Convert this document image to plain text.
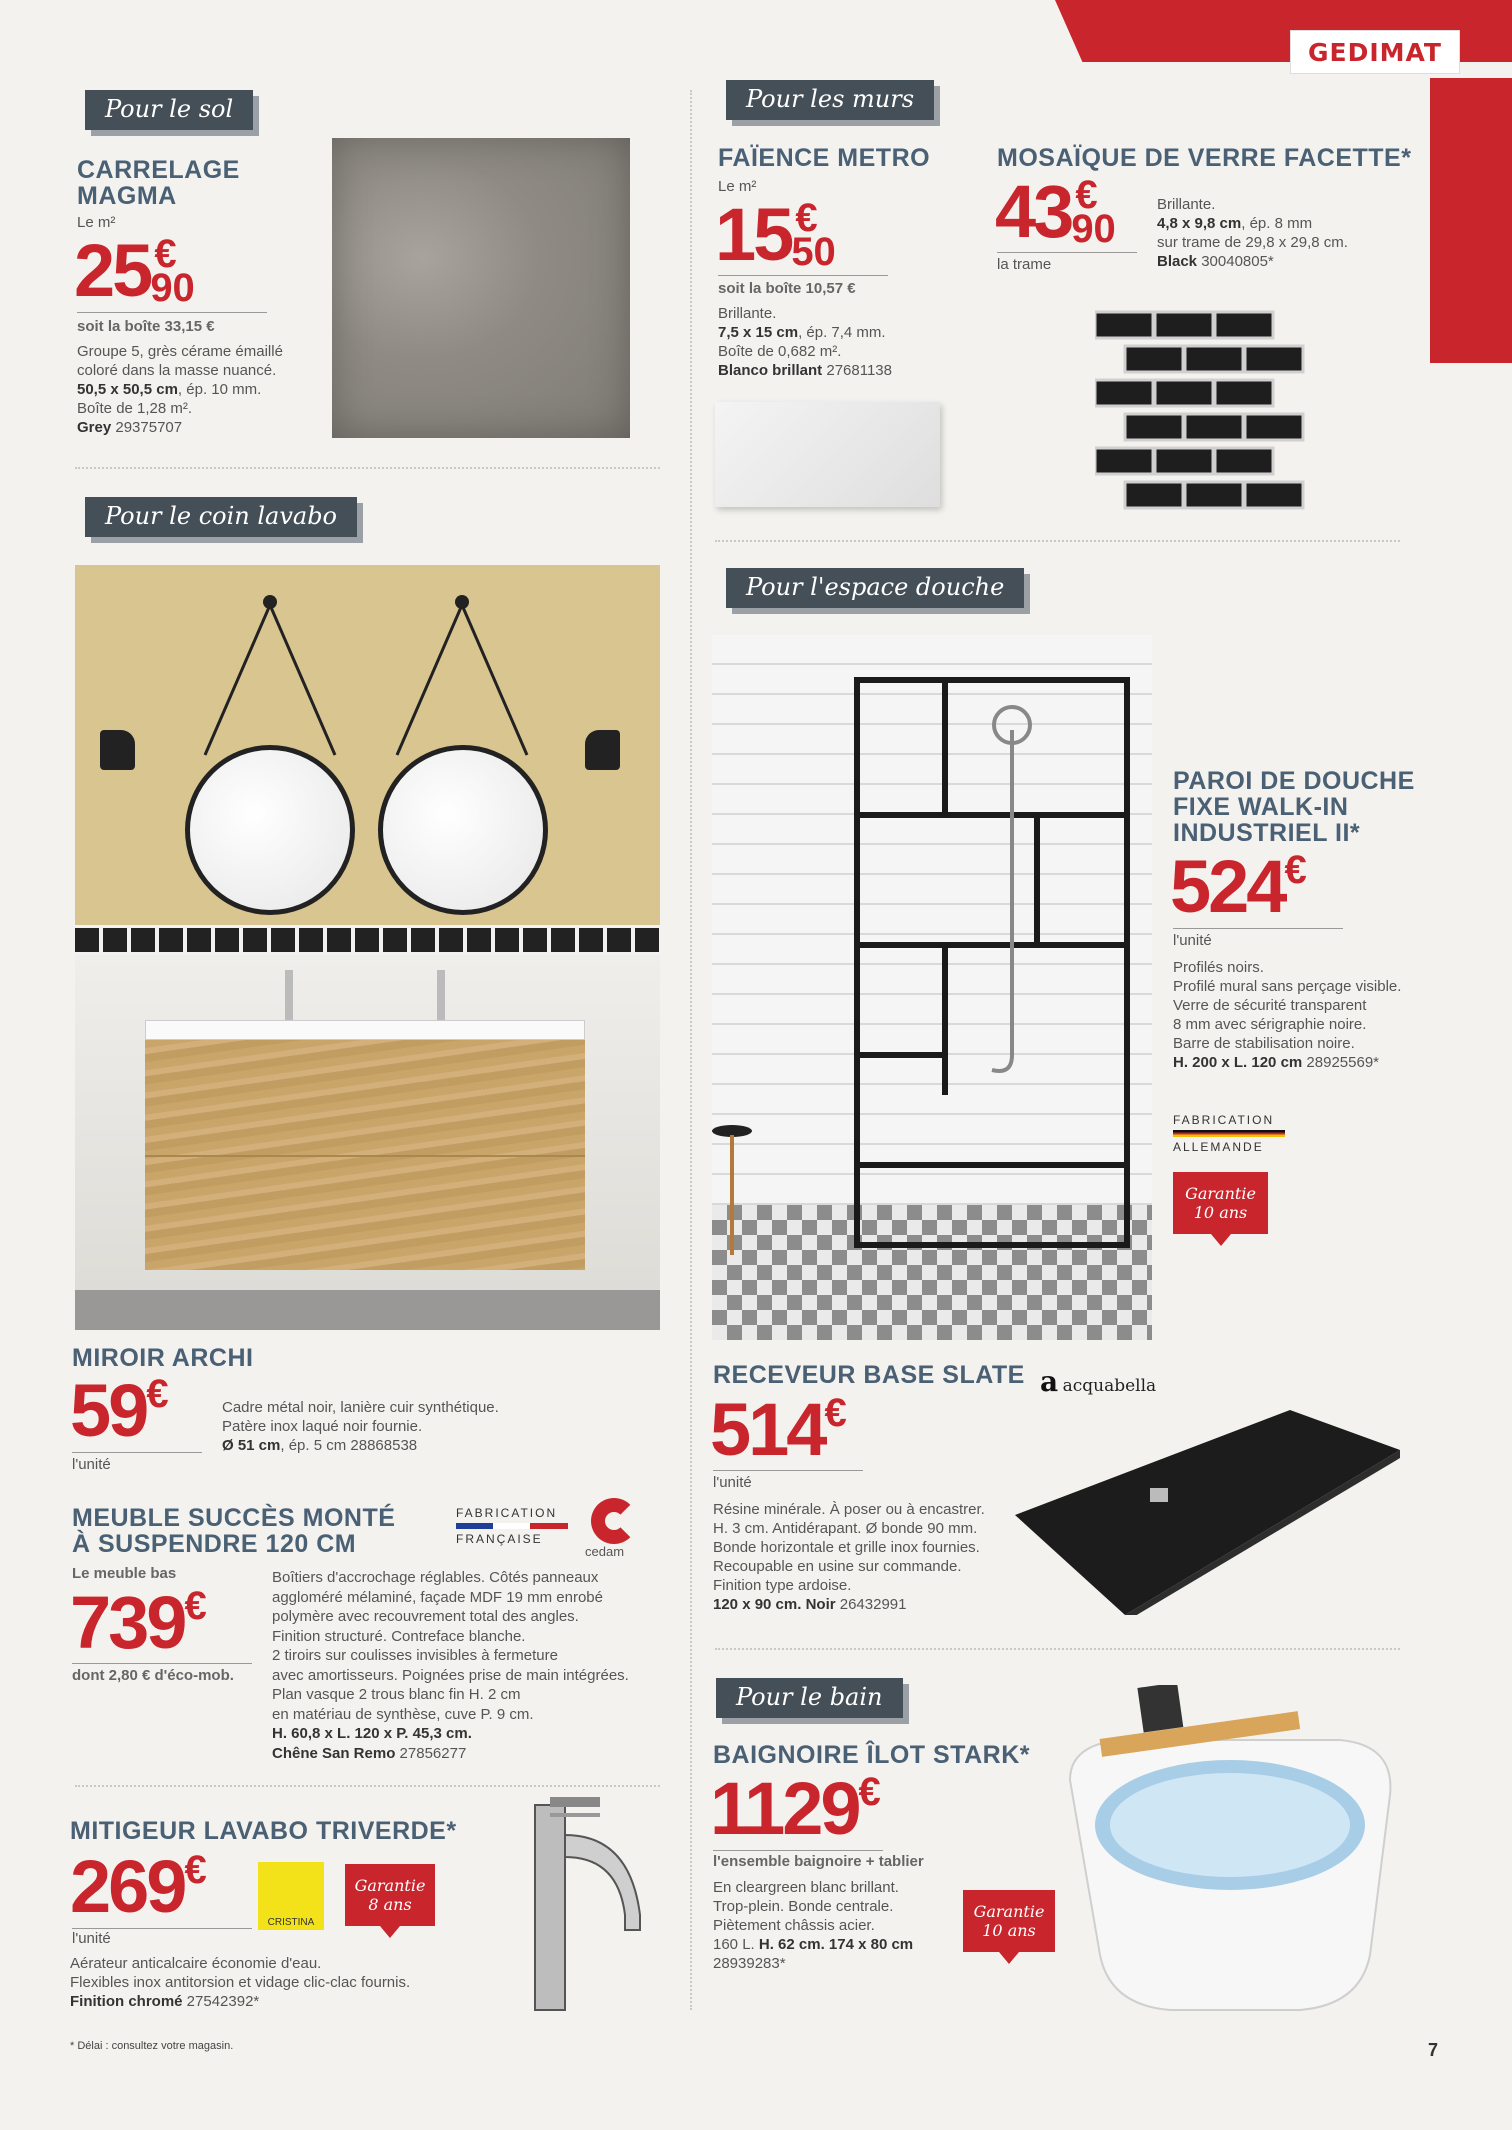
GEDIMAT
Pour le sol
CARRELAGE
MAGMA
Le m²
25 €
90
soit la boîte 33,15 €
Groupe 5, grès cérame émaillé
coloré dans la masse nuancé.
50,5 x 50,5 cm, ép. 10 mm.
Boîte de 1,28 m².
Grey 29375707
Pour le coin lavabo
MIROIR ARCHI
59€
l'unité
Cadre métal noir, lanière cuir synthétique.
Patère inox laqué noir fournie.
Ø 51 cm, ép. 5 cm 28868538
MEUBLE SUCCÈS MONTÉ
À SUSPENDRE 120 CM
FABRICATION
FRANÇAISE
cedam
Le meuble bas
739€
dont 2,80 € d'éco-mob.
Boîtiers d'accrochage réglables. Côtés panneaux
aggloméré mélaminé, façade MDF 19 mm enrobé
polymère avec recouvrement total des angles.
Finition structuré. Contreface blanche.
2 tiroirs sur coulisses invisibles à fermeture
avec amortisseurs. Poignées prise de main intégrées.
Plan vasque 2 trous blanc fin H. 2 cm
en matériau de synthèse, cuve P. 9 cm.
H. 60,8 x L. 120 x P. 45,3 cm.
Chêne San Remo 27856277
MITIGEUR LAVABO TRIVERDE*
269€
l'unité
CRISTINA
Garantie
8 ans
Aérateur anticalcaire économie d'eau.
Flexibles inox antitorsion et vidage clic-clac fournis.
Finition chromé 27542392*
* Délai : consultez votre magasin.
Pour les murs
FAÏENCE METRO
Le m²
15 €
50
soit la boîte 10,57 €
Brillante.
7,5 x 15 cm, ép. 7,4 mm.
Boîte de 0,682 m².
Blanco brillant 27681138
MOSAÏQUE DE VERRE FACETTE*
43 €
90
la trame
Brillante.
4,8 x 9,8 cm, ép. 8 mm
sur trame de 29,8 x 29,8 cm.
Black 30040805*
Pour l'espace douche
PAROI DE DOUCHE
FIXE WALK-IN
INDUSTRIEL II*
524€
l'unité
Profilés noirs.
Profilé mural sans perçage visible.
Verre de sécurité transparent
8 mm avec sérigraphie noire.
Barre de stabilisation noire.
H. 200 x L. 120 cm 28925569*
FABRICATION
ALLEMANDE
Garantie
10 ans
RECEVEUR BASE SLATE a acquabella
514€
l'unité
Résine minérale. À poser ou à encastrer.
H. 3 cm. Antidérapant. Ø bonde 90 mm.
Bonde horizontale et grille inox fournies.
Recoupable en usine sur commande.
Finition type ardoise.
120 x 90 cm. Noir 26432991
Pour le bain
BAIGNOIRE ÎLOT STARK*
1129€
l'ensemble baignoire + tablier
En cleargreen blanc brillant.
Trop-plein. Bonde centrale.
Piètement châssis acier.
160 L. H. 62 cm. 174 x 80 cm
28939283*
Garantie
10 ans
7
